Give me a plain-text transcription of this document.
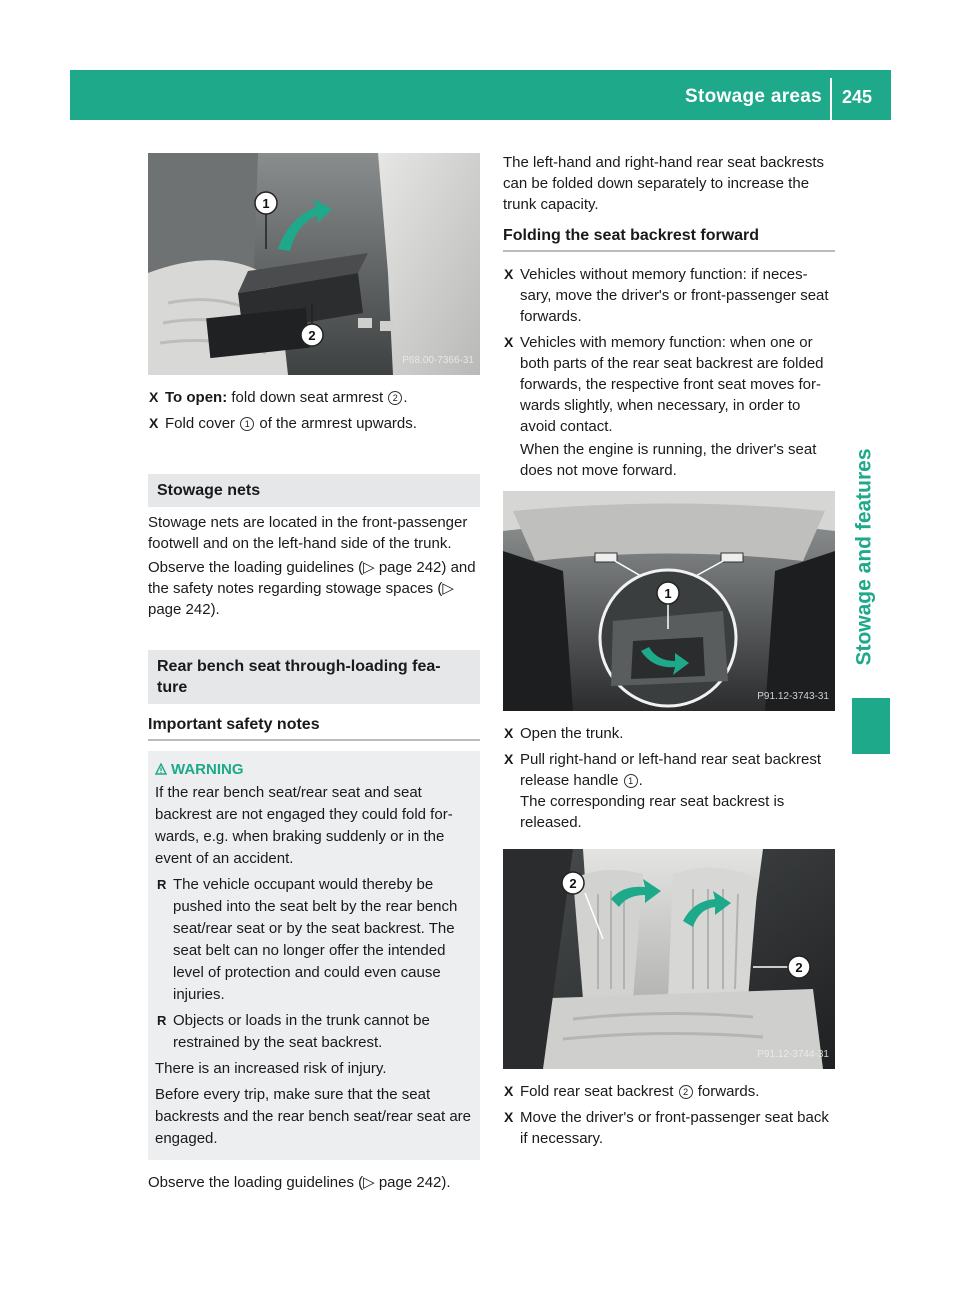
Stowage areas 245
Stowage and features
1
2
P68.00-7366-31
X To open: fold down seat armrest 2 .
X Fold cover 1 of the armrest upwards.
Stowage nets

Stowage nets are located in the front-passenger footwell and on the left-hand side of the trunk.

Observe the loading guidelines (▷ page 242) and the safety notes regarding stowage spaces (▷ page 242).

Rear bench seat through-loading fea-
ture
Important safety notes
WARNING

If the rear bench seat/rear seat and seat backrest are not engaged they could fold for-wards, e.g. when braking suddenly or in the event of an accident.

R The vehicle occupant would thereby be pushed into the seat belt by the rear bench seat/rear seat or by the seat backrest. The seat belt can no longer offer the intended level of protection and could even cause injuries.
R Objects or loads in the trunk cannot be restrained by the seat backrest.

There is an increased risk of injury.

Before every trip, make sure that the seat backrests and the rear bench seat/rear seat are engaged.

Observe the loading guidelines (▷ page 242).

The left-hand and right-hand rear seat backrests can be folded down separately to increase the trunk capacity.

Folding the seat backrest forward
X Vehicles without memory function: if neces-sary, move the driver's or front-passenger seat forwards.
X Vehicles with memory function: when one or both parts of the rear seat backrest are folded forwards, the respective front seat moves for-wards slightly, when necessary, in order to avoid contact.

When the engine is running, the driver's seat does not move forward.

1
P91.12-3743-31
X Open the trunk.
X Pull right-hand or left-hand rear seat backrest release handle 1 .
The corresponding rear seat backrest is released.
2
2
P91.12-3744-31
X Fold rear seat backrest 2 forwards.
X Move the driver's or front-passenger seat back if necessary.
